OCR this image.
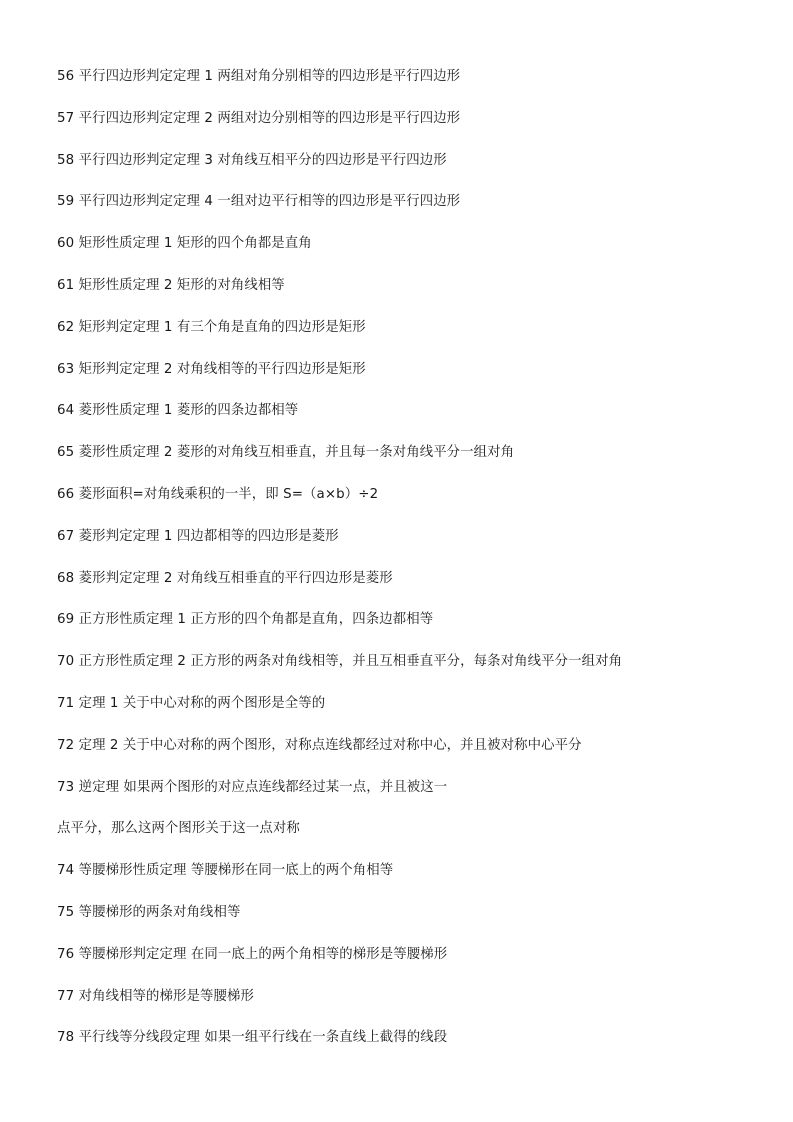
56 平行四边形判定定理 1 两组对角分别相等的四边形是平行四边形
57 平行四边形判定定理 2 两组对边分别相等的四边形是平行四边形
58 平行四边形判定定理 3 对角线互相平分的四边形是平行四边形
59 平行四边形判定定理 4 一组对边平行相等的四边形是平行四边形
60 矩形性质定理 1 矩形的四个角都是直角
61 矩形性质定理 2 矩形的对角线相等
62 矩形判定定理 1 有三个角是直角的四边形是矩形
63 矩形判定定理 2 对角线相等的平行四边形是矩形
64 菱形性质定理 1 菱形的四条边都相等
65 菱形性质定理 2 菱形的对角线互相垂直，并且每一条对角线平分一组对角
66 菱形面积=对角线乘积的一半，即 S=（a×b）÷2
67 菱形判定定理 1 四边都相等的四边形是菱形
68 菱形判定定理 2 对角线互相垂直的平行四边形是菱形
69 正方形性质定理 1 正方形的四个角都是直角，四条边都相等
70 正方形性质定理 2 正方形的两条对角线相等，并且互相垂直平分，每条对角线平分一组对角
71 定理 1 关于中心对称的两个图形是全等的
72 定理 2 关于中心对称的两个图形，对称点连线都经过对称中心，并且被对称中心平分
73 逆定理 如果两个图形的对应点连线都经过某一点，并且被这一
点平分，那么这两个图形关于这一点对称
74 等腰梯形性质定理 等腰梯形在同一底上的两个角相等
75 等腰梯形的两条对角线相等
76 等腰梯形判定定理 在同一底上的两个角相等的梯形是等腰梯形
77 对角线相等的梯形是等腰梯形
78 平行线等分线段定理 如果一组平行线在一条直线上截得的线段
